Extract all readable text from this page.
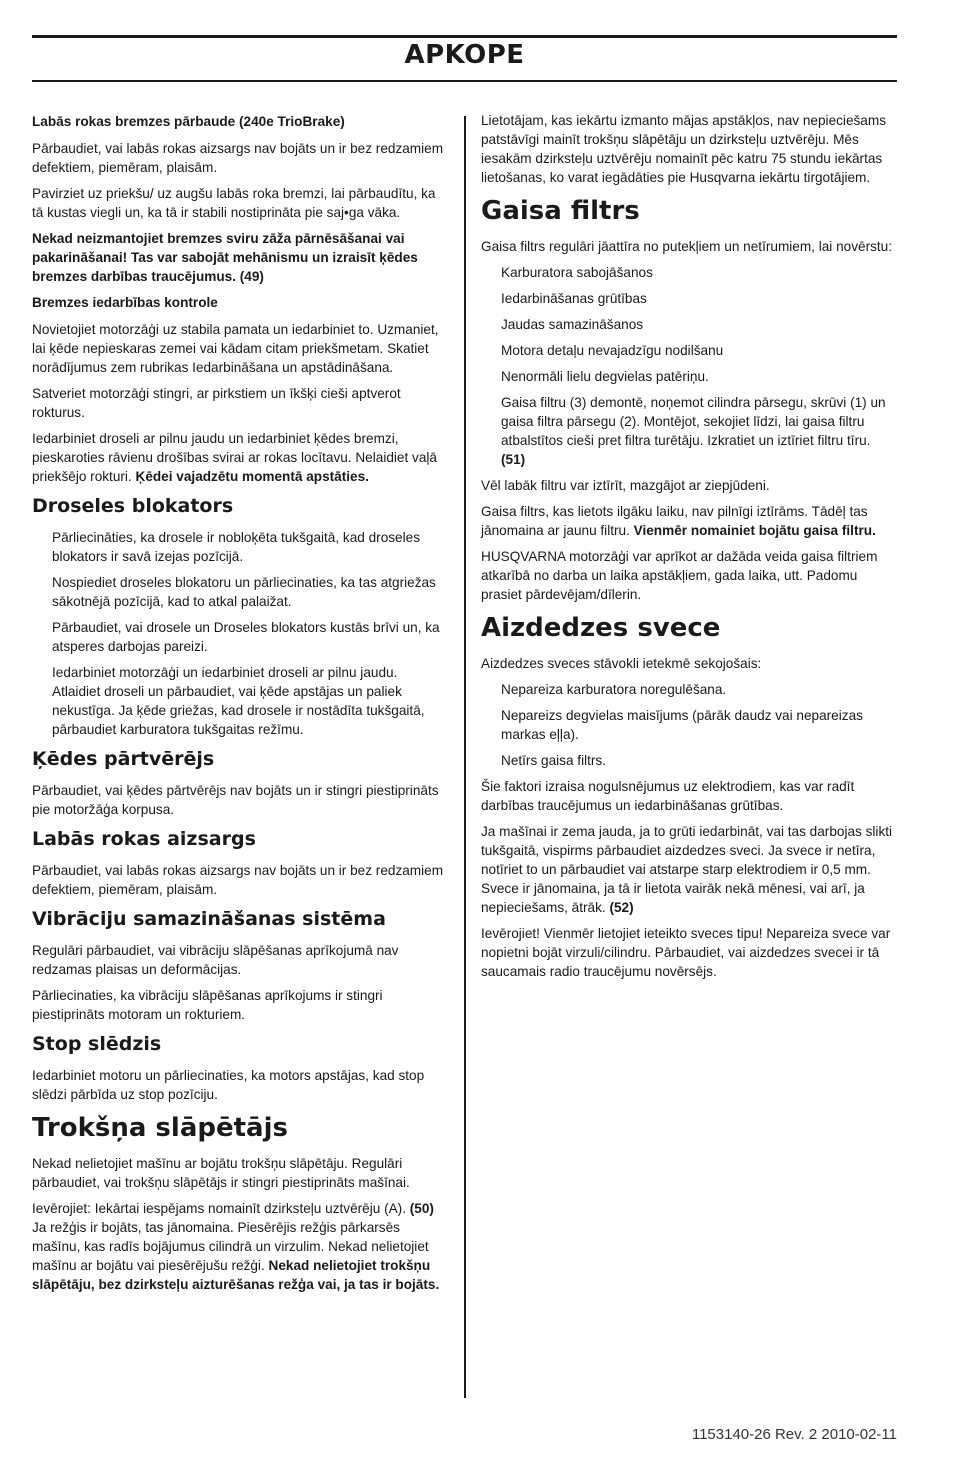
APKOPE

Labās rokas bremzes pārbaude (240e TrioBrake)

Pārbaudiet, vai labās rokas aizsargs nav bojāts un ir bez redzamiem defektiem, piemēram, plaisām.

Pavirziet uz priekšu/ uz augšu labās roka bremzi, lai pārbaudītu, ka tā kustas viegli un, ka tā ir stabili nostiprināta pie saj•ga vāka.

Nekad neizmantojiet bremzes sviru zāža pārnēsāšanai vai pakarināšanai! Tas var sabojāt mehānismu un izraisīt ķēdes bremzes darbības traucējumus. (49)

Bremzes iedarbības kontrole

Novietojiet motorzāģi uz stabila pamata un iedarbiniet to. Uzmaniet, lai ķēde nepieskaras zemei vai kādam citam priekšmetam. Skatiet norādījumus zem rubrikas Iedarbināšana un apstādināšana.

Satveriet motorzāģi stingri, ar pirkstiem un īkšķi cieši aptverot rokturus.

Iedarbiniet droseli ar pilnu jaudu un iedarbiniet ķēdes bremzi, pieskaroties rāvienu drošības svirai ar rokas locītavu. Nelaidiet vaļā priekšējo rokturi. Ķēdei vajadzētu momentā apstāties.

Droseles blokators

Pārliecināties, ka drosele ir nobloķēta tukšgaitā, kad droseles blokators ir savā izejas pozīcijā.

Nospiediet droseles blokatoru un pārliecinaties, ka tas atgriežas sākotnējā pozīcijā, kad to atkal palaižat.

Pārbaudiet, vai drosele un Droseles blokators kustās brīvi un, ka atsperes darbojas pareizi.

Iedarbiniet motorzāģi un iedarbiniet droseli ar pilnu jaudu. Atlaidiet droseli un pārbaudiet, vai ķēde apstājas un paliek nekustīga. Ja ķēde griežas, kad drosele ir nostādīta tukšgaitā, pārbaudiet karburatora tukšgaitas režīmu.

Ķēdes pārtvērējs

Pārbaudiet, vai ķēdes pārtvērējs nav bojāts un ir stingri piestiprināts pie motoržāģa korpusa.

Labās rokas aizsargs

Pārbaudiet, vai labās rokas aizsargs nav bojāts un ir bez redzamiem defektiem, piemēram, plaisām.

Vibrāciju samazināšanas sistēma

Regulāri pārbaudiet, vai vibrāciju slāpēšanas aprīkojumā nav redzamas plaisas un deformācijas.

Pārliecinaties, ka vibrāciju slāpēšanas aprīkojums ir stingri piestiprināts motoram un rokturiem.

Stop slēdzis

Iedarbiniet motoru un pārliecinaties, ka motors apstājas, kad stop slēdzi pārbīda uz stop pozīciju.

Trokšņa slāpētājs

Nekad nelietojiet mašīnu ar bojātu trokšņu slāpētāju. Regulāri pārbaudiet, vai trokšņu slāpētājs ir stingri piestiprināts mašīnai.

Ievērojiet: Iekārtai iespējams nomainīt dzirksteļu uztvērēju (A). (50) Ja režģis ir bojāts, tas jānomaina. Piesērējis režģis pārkarsēs mašīnu, kas radīs bojājumus cilindrā un virzulim. Nekad nelietojiet mašīnu ar bojātu vai piesērējušu režģi. Nekad nelietojiet trokšņu slāpētāju, bez dzirksteļu aizturēšanas režģa vai, ja tas ir bojāts.

Lietotājam, kas iekārtu izmanto mājas apstākļos, nav nepieciešams patstāvīgi mainīt trokšņu slāpētāju un dzirksteļu uztvērēju. Mēs iesakām dzirksteļu uztvērēju nomainīt pēc katru 75 stundu iekārtas lietošanas, ko varat iegādāties pie Husqvarna iekārtu tirgotājiem.

Gaisa filtrs

Gaisa filtrs regulāri jāattīra no putekļiem un netīrumiem, lai novērstu:

Karburatora sabojāšanos

Iedarbināšanas grūtības

Jaudas samazināšanos

Motora detaļu nevajadzīgu nodilšanu

Nenormāli lielu degvielas patēriņu.

Gaisa filtru (3) demontē, noņemot cilindra pārsegu, skrūvi (1) un gaisa filtra pārsegu (2). Montējot, sekojiet līdzi, lai gaisa filtru atbalstītos cieši pret filtra turētāju. Izkratiet un iztīriet filtru tīru. (51)

Vēl labāk filtru var iztīrīt, mazgājot ar ziepjūdeni.

Gaisa filtrs, kas lietots ilgāku laiku, nav pilnīgi iztīrāms. Tādēļ tas jānomaina ar jaunu filtru. Vienmēr nomainiet bojātu gaisa filtru.

HUSQVARNA motorzāģi var aprīkot ar dažāda veida gaisa filtriem atkarībā no darba un laika apstākļiem, gada laika, utt. Padomu prasiet pārdevējam/dīlerin.

Aizdedzes svece

Aizdedzes sveces stāvokli ietekmē sekojošais:

Nepareiza karburatora noregulēšana.

Nepareizs degvielas maisījums (pārāk daudz vai nepareizas markas eļļa).

Netīrs gaisa filtrs.

Šie faktori izraisa nogulsnējumus uz elektrodiem, kas var radīt darbības traucējumus un iedarbināšanas grūtības.

Ja mašīnai ir zema jauda, ja to grūti iedarbināt, vai tas darbojas slikti tukšgaitā, vispirms pārbaudiet aizdedzes sveci. Ja svece ir netīra, notīriet to un pārbaudiet vai atstarpe starp elektrodiem ir 0,5 mm. Svece ir jānomaina, ja tā ir lietota vairāk nekā mēnesi, vai arī, ja nepieciešams, ātrāk. (52)

Ievērojiet! Vienmēr lietojiet ieteikto sveces tipu! Nepareiza svece var nopietni bojāt virzuli/cilindru. Pārbaudiet, vai aizdedzes svecei ir tā saucamais radio traucējumu novērsējs.

1153140-26 Rev. 2 2010-02-11
